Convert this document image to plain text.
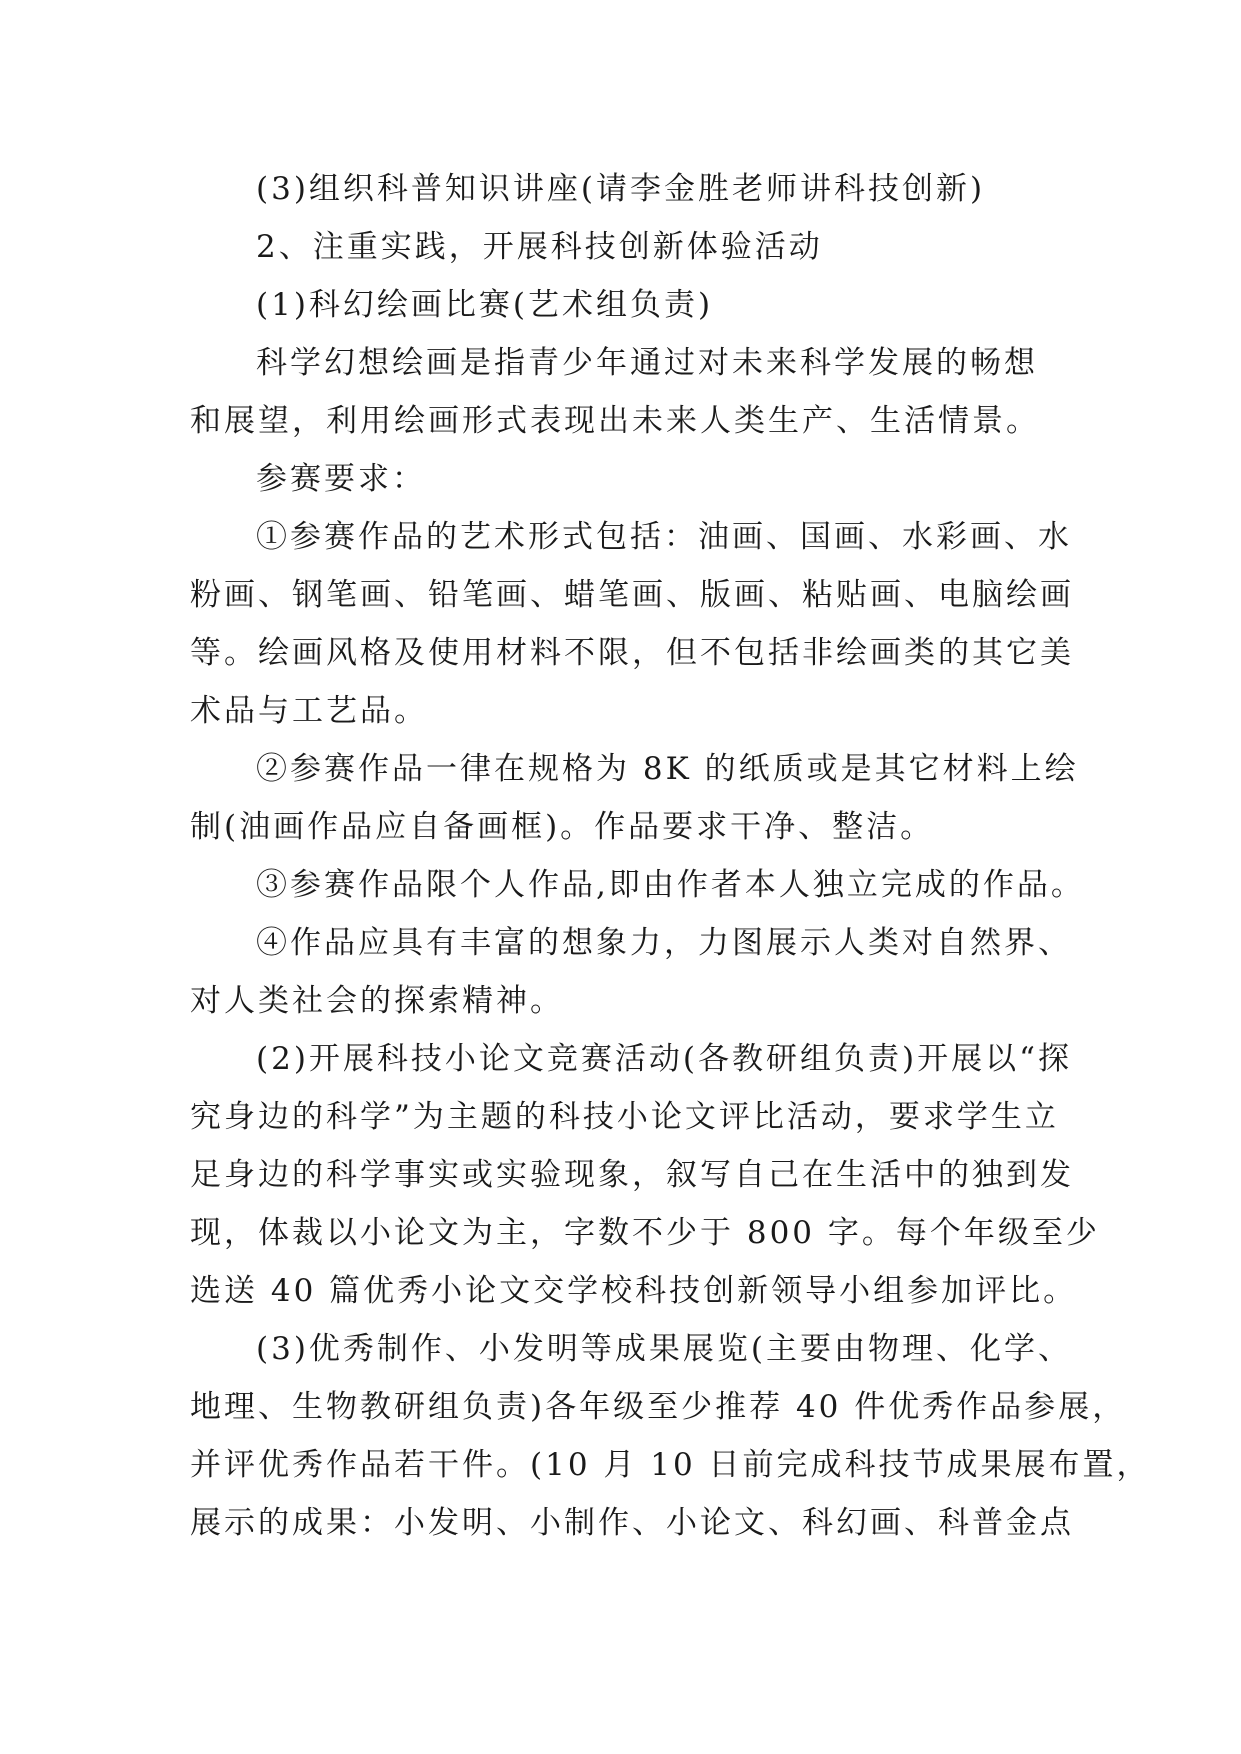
(3)组织科普知识讲座(请李金胜老师讲科技创新)
2、注重实践，开展科技创新体验活动
(1)科幻绘画比赛(艺术组负责)
科学幻想绘画是指青少年通过对未来科学发展的畅想
和展望，利用绘画形式表现出未来人类生产、生活情景。
参赛要求：
①参赛作品的艺术形式包括：油画、国画、水彩画、水
粉画、钢笔画、铅笔画、蜡笔画、版画、粘贴画、电脑绘画
等。绘画风格及使用材料不限，但不包括非绘画类的其它美
术品与工艺品。
②参赛作品一律在规格为 8K 的纸质或是其它材料上绘
制(油画作品应自备画框)。作品要求干净、整洁。
③参赛作品限个人作品,即由作者本人独立完成的作品。
④作品应具有丰富的想象力，力图展示人类对自然界、
对人类社会的探索精神。
(2)开展科技小论文竞赛活动(各教研组负责)开展以“探
究身边的科学”为主题的科技小论文评比活动，要求学生立
足身边的科学事实或实验现象，叙写自己在生活中的独到发
现，体裁以小论文为主，字数不少于 800 字。每个年级至少
选送 40 篇优秀小论文交学校科技创新领导小组参加评比。
(3)优秀制作、小发明等成果展览(主要由物理、化学、
地理、生物教研组负责)各年级至少推荐 40 件优秀作品参展，
并评优秀作品若干件。(10 月 10 日前完成科技节成果展布置，
展示的成果：小发明、小制作、小论文、科幻画、科普金点
